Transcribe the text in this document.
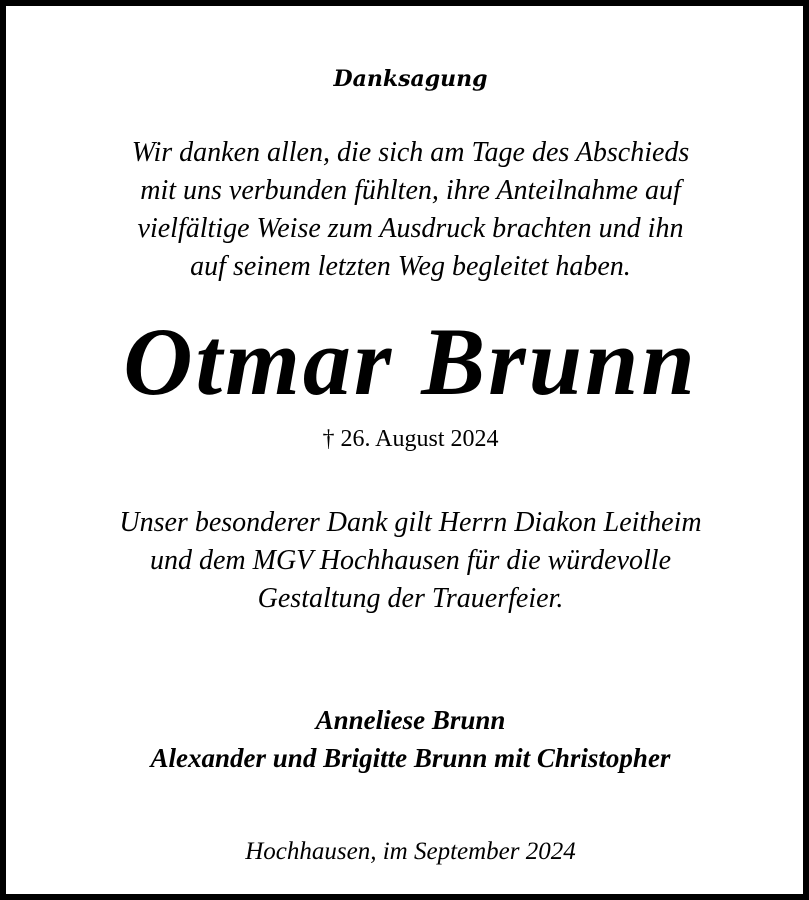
Danksagung
Wir danken allen, die sich am Tage des Abschieds
mit uns verbunden fühlten, ihre Anteilnahme auf
vielfältige Weise zum Ausdruck brachten und ihn
auf seinem letzten Weg begleitet haben.
Otmar Brunn
† 26. August 2024
Unser besonderer Dank gilt Herrn Diakon Leitheim
und dem MGV Hochhausen für die würdevolle
Gestaltung der Trauerfeier.
Anneliese Brunn
Alexander und Brigitte Brunn mit Christopher
Hochhausen, im September 2024
